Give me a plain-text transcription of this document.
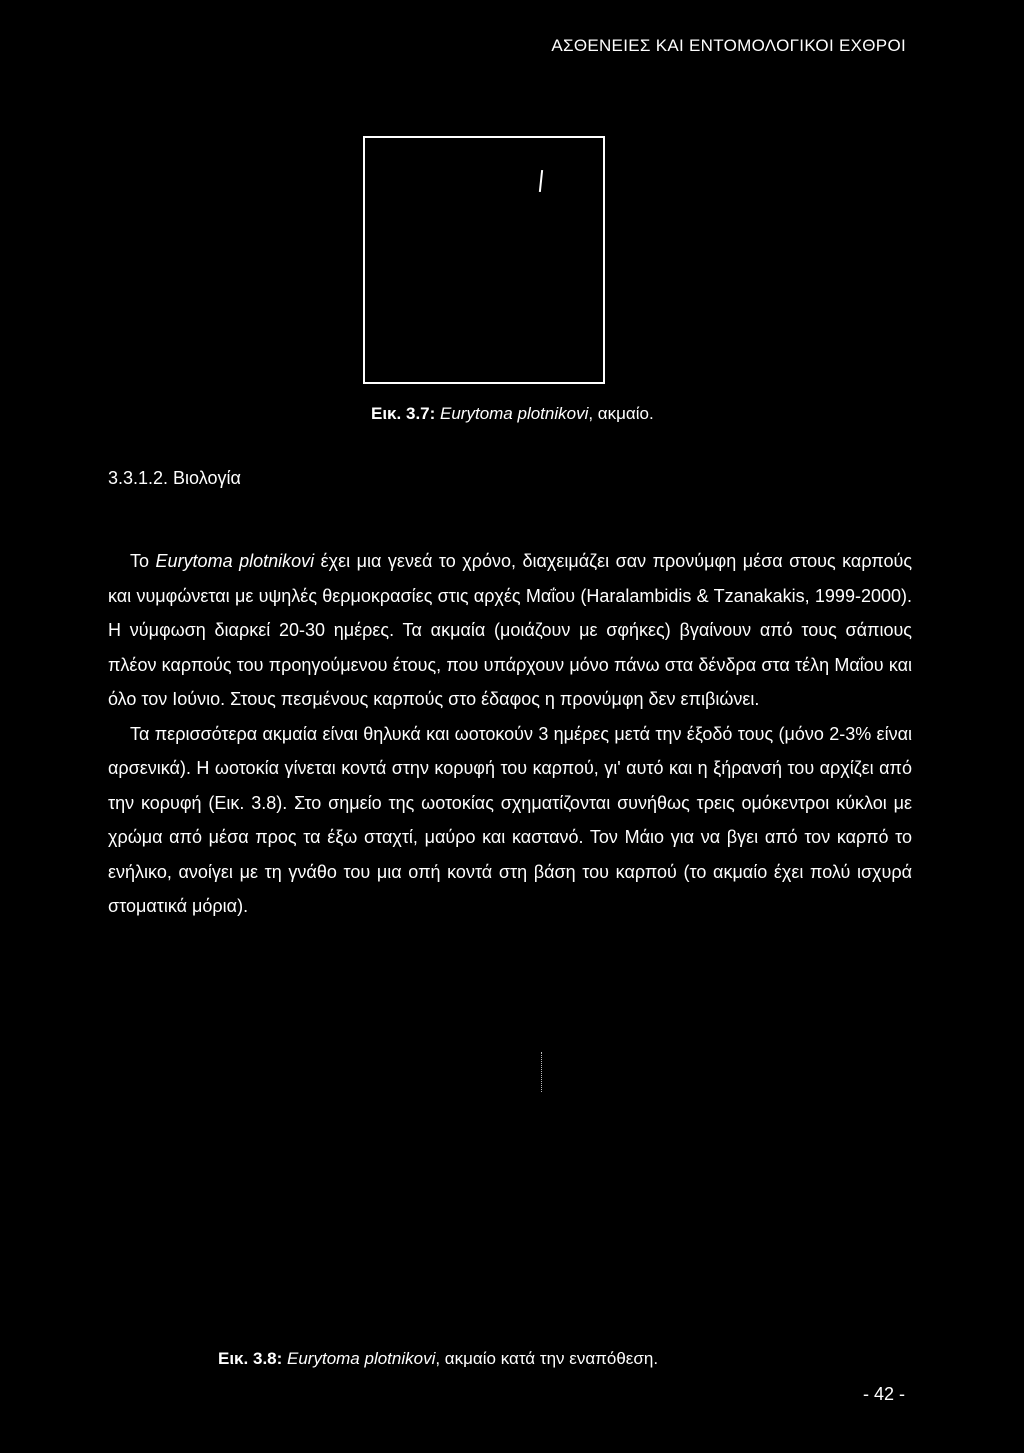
ΑΣΘΕΝΕΙΕΣ ΚΑΙ ΕΝΤΟΜΟΛΟΓΙΚΟΙ ΕΧΘΡΟΙ
Εικ. 3.7: Eurytoma plotnikovi, ακμαίο.
3.3.1.2. Βιολογία

Το Eurytoma plotnikovi έχει μια γενεά το χρόνο, διαχειμάζει σαν προνύμφη μέσα στους καρπούς και νυμφώνεται με υψηλές θερμοκρασίες στις αρχές Μαΐου (Haralambidis & Tzanakakis, 1999-2000). Η νύμφωση διαρκεί 20-30 ημέρες. Τα ακμαία (μοιάζουν με σφήκες) βγαίνουν από τους σάπιους πλέον καρπούς του προηγούμενου έτους, που υπάρχουν μόνο πάνω στα δένδρα στα τέλη Μαΐου και όλο τον Ιούνιο. Στους πεσμένους καρπούς στο έδαφος η προνύμφη δεν επιβιώνει.

Τα περισσότερα ακμαία είναι θηλυκά και ωοτοκούν 3 ημέρες μετά την έξοδό τους (μόνο 2-3% είναι αρσενικά). Η ωοτοκία γίνεται κοντά στην κορυφή του καρπού, γι' αυτό και η ξήρανσή του αρχίζει από την κορυφή (Εικ. 3.8). Στο σημείο της ωοτοκίας σχηματίζονται συνήθως τρεις ομόκεντροι κύκλοι με χρώμα από μέσα προς τα έξω σταχτί, μαύρο και καστανό. Τον Μάιο για να βγει από τον καρπό το ενήλικο, ανοίγει με τη γνάθο του μια οπή κοντά στη βάση του καρπού (το ακμαίο έχει πολύ ισχυρά στοματικά μόρια).

Εικ. 3.8: Eurytoma plotnikovi, ακμαίο κατά την εναπόθεση.
- 42 -
